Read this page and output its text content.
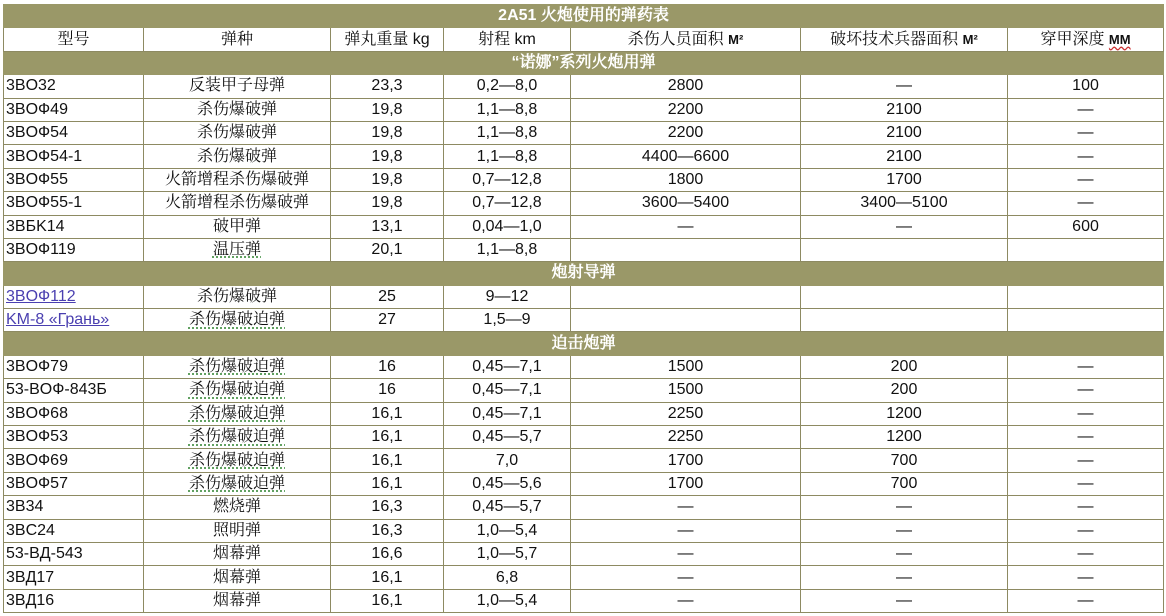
2A51 火炮使用的弹药表						
型号	弹种	弹丸重量 kg	射程 km	杀伤人员面积 M²	破坏技术兵器面积 M²	穿甲深度 MM
“诺娜”系列火炮用弹						
3BO32	反装甲子母弹	23,3	0,2—8,0	2800	—	100
3BOФ49	杀伤爆破弹	19,8	1,1—8,8	2200	2100	—
3BOФ54	杀伤爆破弹	19,8	1,1—8,8	2200	2100	—
3BOФ54-1	杀伤爆破弹	19,8	1,1—8,8	4400—6600	2100	—
3BOФ55	火箭增程杀伤爆破弹	19,8	0,7—12,8	1800	1700	—
3BOФ55-1	火箭增程杀伤爆破弹	19,8	0,7—12,8	3600—5400	3400—5100	—
3BБK14	破甲弹	13,1	0,04—1,0	—	—	600
3BOФ119	温压弹	20,1	1,1—8,8			
炮射导弹						
3BOФ112	杀伤爆破弹	25	9—12			
KM-8 «Грань»	杀伤爆破迫弹	27	1,5—9			
迫击炮弹						
3BOФ79	杀伤爆破迫弹	16	0,45—7,1	1500	200	—
53-BOФ-843Б	杀伤爆破迫弹	16	0,45—7,1	1500	200	—
3BOФ68	杀伤爆破迫弹	16,1	0,45—7,1	2250	1200	—
3BOФ53	杀伤爆破迫弹	16,1	0,45—5,7	2250	1200	—
3BOФ69	杀伤爆破迫弹	16,1	7,0	1700	700	—
3BOФ57	杀伤爆破迫弹	16,1	0,45—5,6	1700	700	—
3B34	燃烧弹	16,3	0,45—5,7	—	—	—
3BC24	照明弹	16,3	1,0—5,4	—	—	—
53-BД-543	烟幕弹	16,6	1,0—5,7	—	—	—
3BД17	烟幕弹	16,1	6,8	—	—	—
3BД16	烟幕弹	16,1	1,0—5,4	—	—	—
